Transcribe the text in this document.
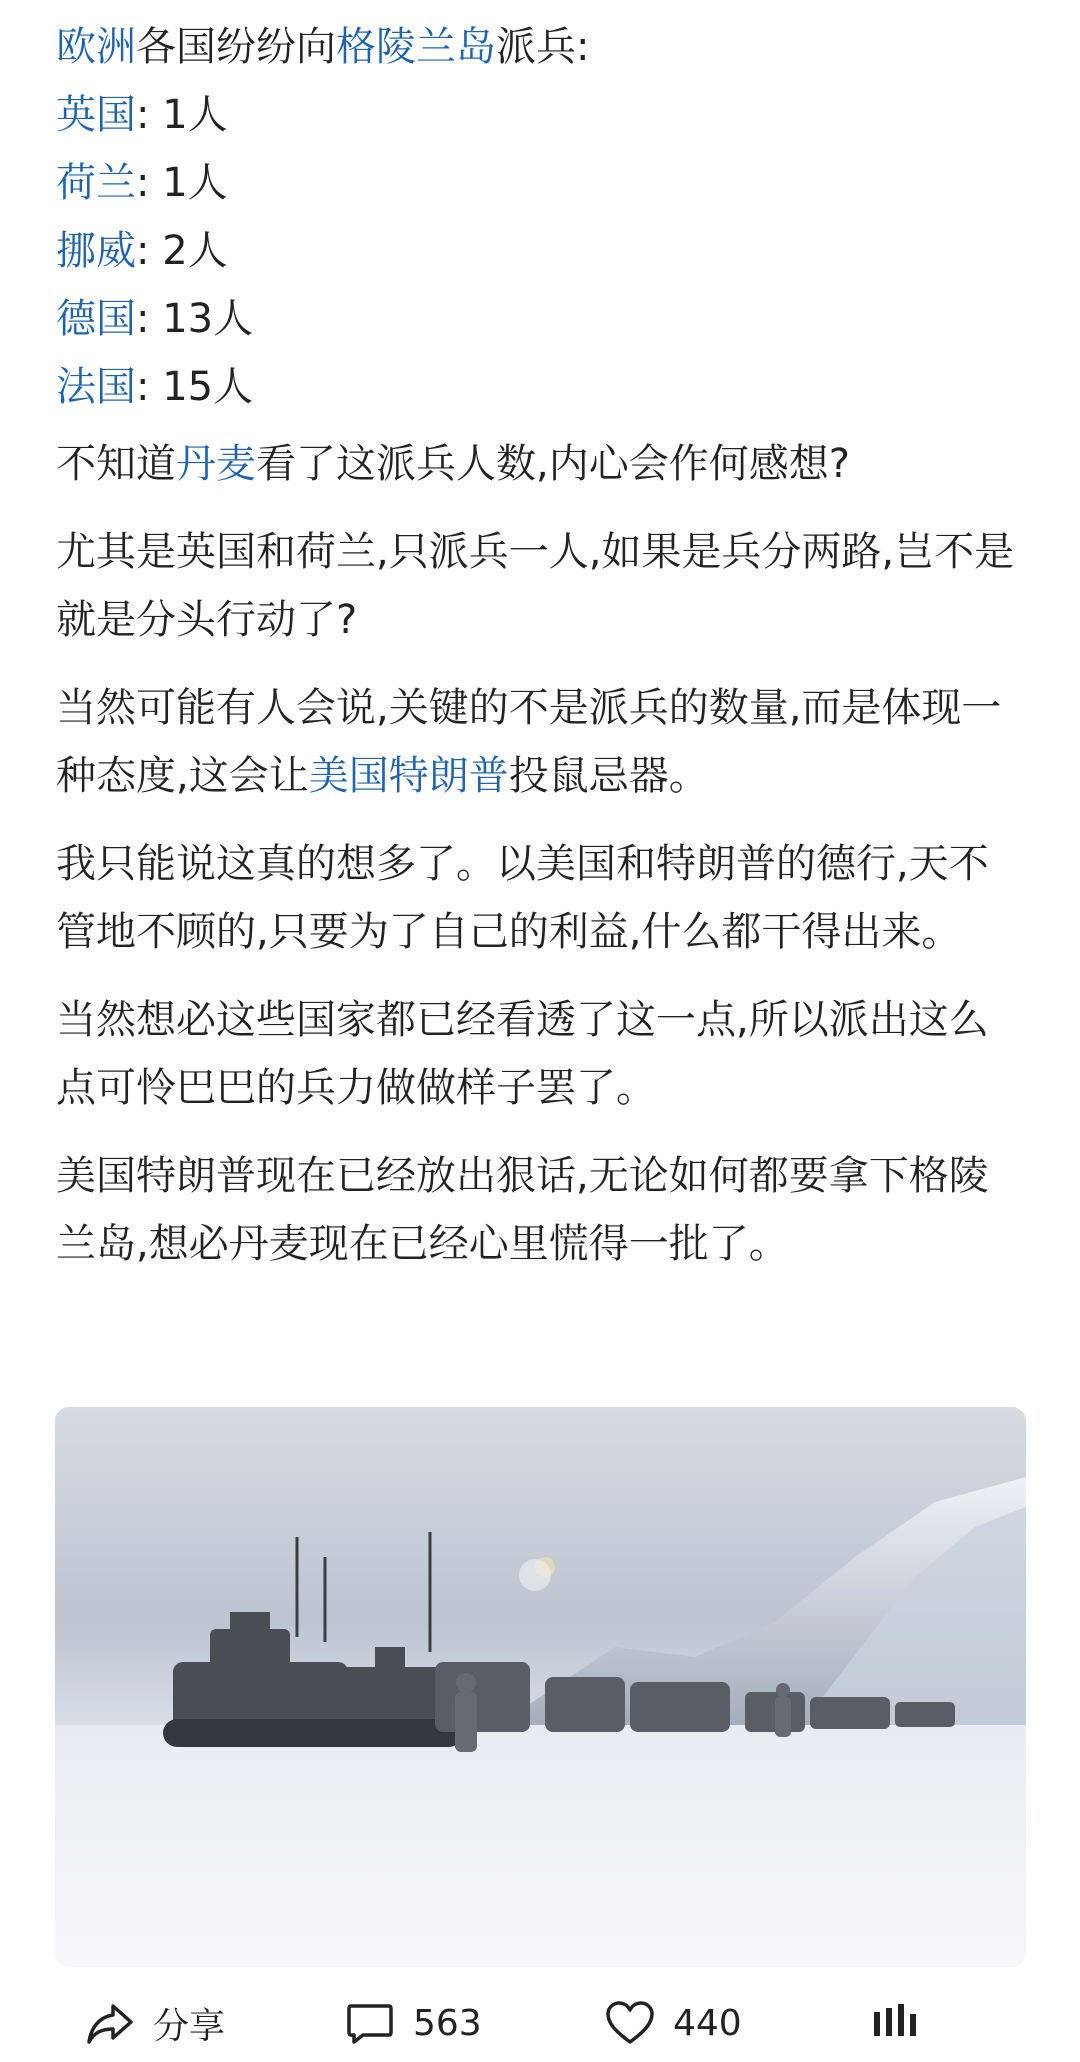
欧洲各国纷纷向格陵兰岛派兵:
英国: 1人
荷兰: 1人
挪威: 2人
德国: 13人
法国: 15人
不知道丹麦看了这派兵人数,内心会作何感想?
尤其是英国和荷兰,只派兵一人,如果是兵分两路,岂不是就是分头行动了?
当然可能有人会说,关键的不是派兵的数量,而是体现一种态度,这会让美国特朗普投鼠忌器。
我只能说这真的想多了。以美国和特朗普的德行,天不管地不顾的,只要为了自己的利益,什么都干得出来。
当然想必这些国家都已经看透了这一点,所以派出这么点可怜巴巴的兵力做做样子罢了。
美国特朗普现在已经放出狠话,无论如何都要拿下格陵兰岛,想必丹麦现在已经心里慌得一批了。
分享	563	440
